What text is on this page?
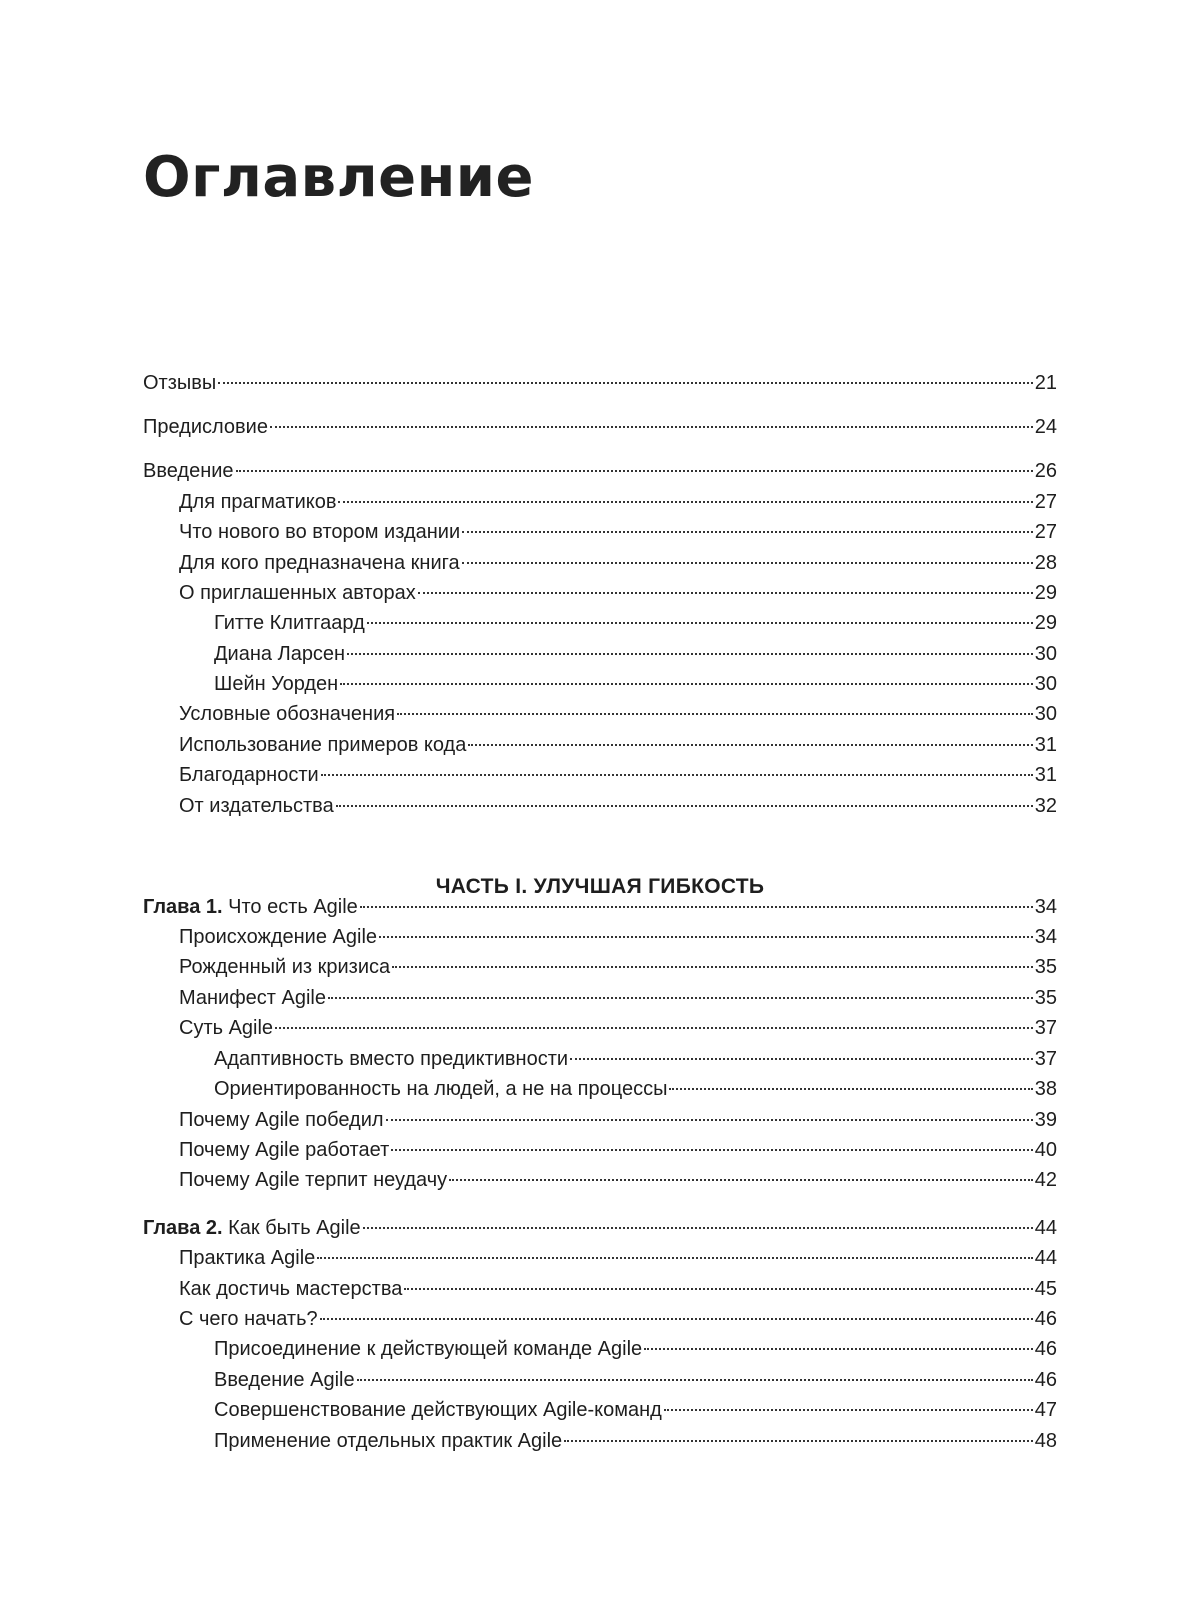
Оглавление
Отзывы	21
Предисловие	24
Введение	26
Для прагматиков	27
Что нового во втором издании	27
Для кого предназначена книга	28
О приглашенных авторах	29
Гитте Клитгаард	29
Диана Ларсен	30
Шейн Уорден	30
Условные обозначения	30
Использование примеров кода	31
Благодарности	31
От издательства	32
Глава 1. Что есть Agile	34
Происхождение Agile	34
Рожденный из кризиса	35
Манифест Agile	35
Суть Agile	37
Адаптивность вместо предиктивности	37
Ориентированность на людей, а не на процессы	38
Почему Agile победил	39
Почему Agile работает	40
Почему Agile терпит неудачу	42
Глава 2. Как быть Agile	44
Практика Agile	44
Как достичь мастерства	45
С чего начать?	46
Присоединение к действующей команде Agile	46
Введение Agile	46
Совершенствование действующих Agile-команд	47
Применение отдельных практик Agile	48
ЧАСТЬ I. УЛУЧШАЯ ГИБКОСТЬ
